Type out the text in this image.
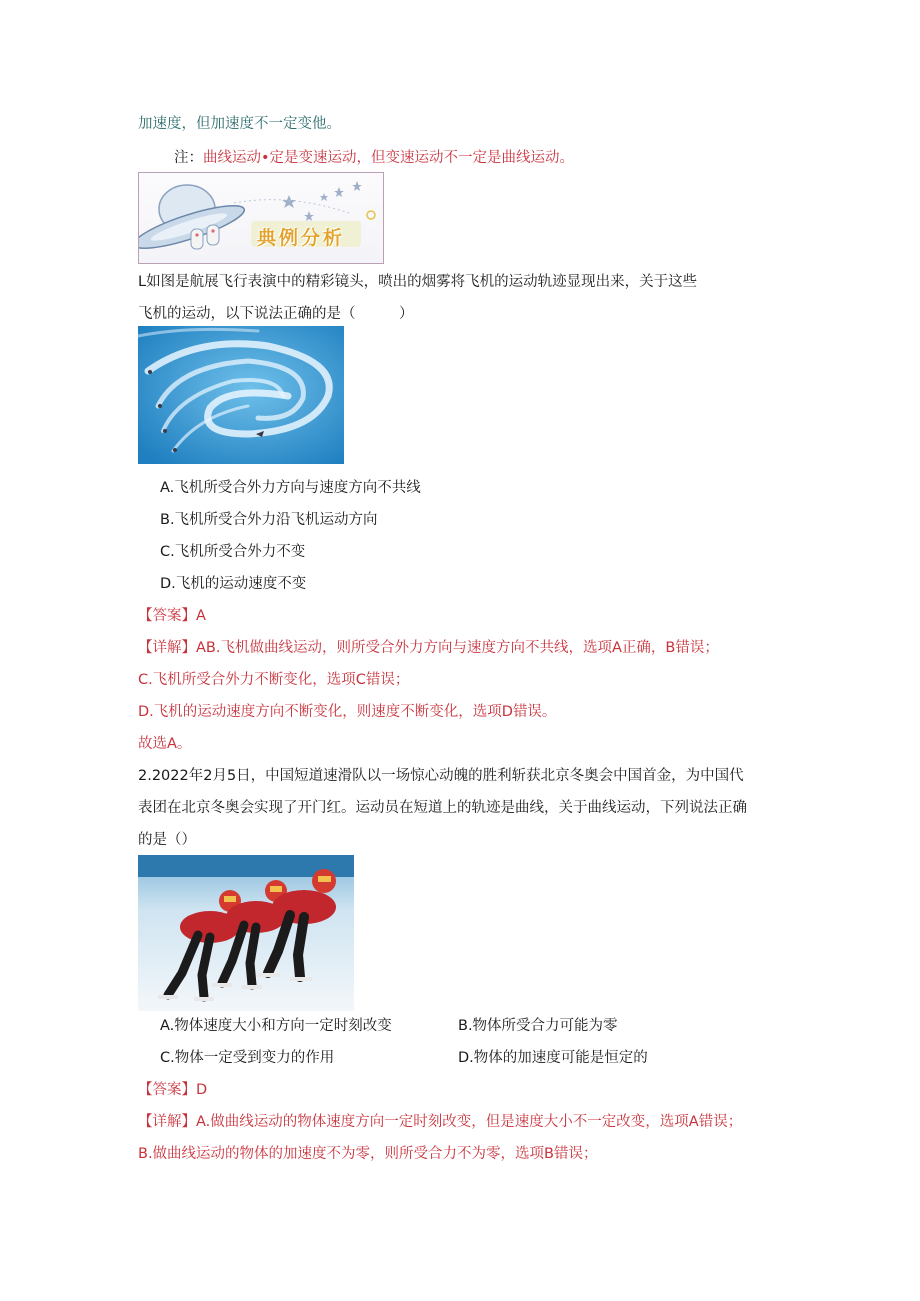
加速度，但加速度不一定变他。
注：曲线运动•定是变速运动，但变速运动不一定是曲线运动。
典例分析
L如图是航展飞行表演中的精彩镜头，喷出的烟雾将飞机的运动轨迹显现出来，关于这些
飞机的运动，以下说法正确的是（　　　）
A.飞机所受合外力方向与速度方向不共线
B.飞机所受合外力沿飞机运动方向
C.飞机所受合外力不变
D.飞机的运动速度不变
【答案】A
【详解】AB.飞机做曲线运动，则所受合外力方向与速度方向不共线，选项A正确，B错误；
C.飞机所受合外力不断变化，选项C错误；
D.飞机的运动速度方向不断变化，则速度不断变化，选项D错误。
故选A。
2.2022年2月5日，中国短道速滑队以一场惊心动魄的胜利斩获北京冬奥会中国首金，为中国代
表团在北京冬奥会实现了开门红。运动员在短道上的轨迹是曲线，关于曲线运动，下列说法正确
的是（）
A.物体速度大小和方向一定时刻改变	B.物体所受合力可能为零
C.物体一定受到变力的作用	D.物体的加速度可能是恒定的
【答案】D
【详解】A.做曲线运动的物体速度方向一定时刻改变，但是速度大小不一定改变，选项A错误；
B.做曲线运动的物体的加速度不为零，则所受合力不为零，选项B错误；
